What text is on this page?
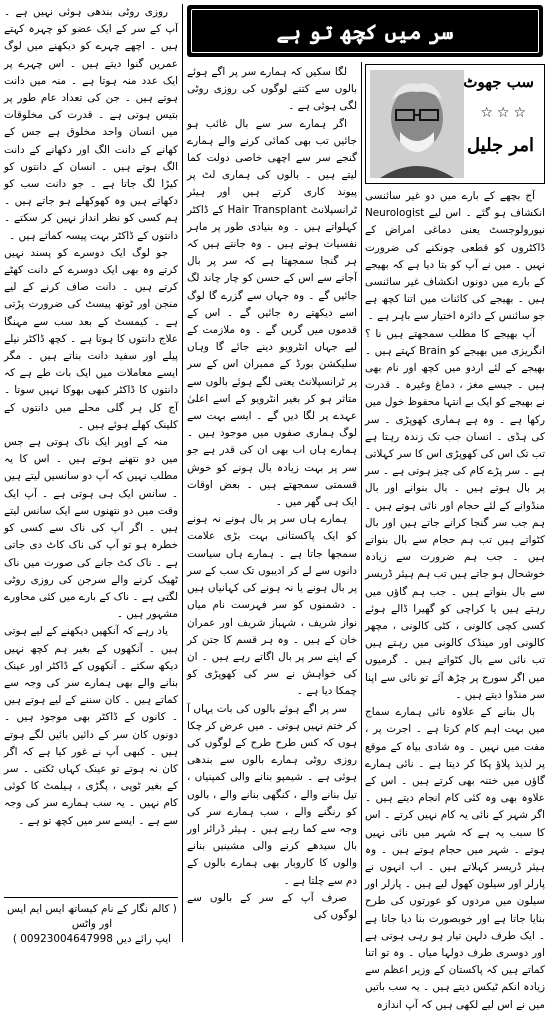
سر میں کچھ تو ہے
سب جھوٹ
☆☆☆
امر جلیل

آج بچھے کے بارے میں دو غیر سائنسی انکشاف ہو گئے ۔ اس لیے Neurologist نیورولوجسٹ یعنی دماغی امراض کے ڈاکٹروں کو قطعی چونکنے کی ضرورت نہیں ۔ میں نے آپ کو بتا دیا ہے کہ بھیجے کے بارے میں دونوں انکشاف غیر سائنسی ہیں ۔ بھیجے کی کائنات میں اتنا کچھ ہے جو سائنس کے دائرہ اختیار سے باہر ہے ۔

آپ بھیجے کا مطلب سمجھتے ہیں نا ؟ انگریزی میں بھیجے کو Brain کہتے ہیں ۔ بھیجے کے لئے اردو میں کچھ اور نام بھی ہیں ۔ جیسے مغز ، دماغ وغیرہ ۔ قدرت نے بھیجے کو ایک بے انتہا محفوظ خول میں رکھا ہے ۔ وہ ہے ہماری کھوپڑی ۔ سر کی ہڈی ۔ انسان جب تک زندہ رہتا ہے تب تک اس کی کھوپڑی اس کا سر کہلاتی ہے ۔ سر پڑے کام کی چیز ہوتی ہے ۔ سر پر بال ہوتے ہیں ۔ بال بنوانے اور بال منڈوانے کے لئے حجام اور نائی ہوتے ہیں ۔ ہم جب سر گنجا کرانے جاتے ہیں اور بال کٹواتے ہیں تب ہم حجام سے بال بنواتے ہیں ۔ جب ہم ضرورت سے زیادہ خوشحال ہو جاتے ہیں تب ہم ہیئر ڈریسر سے بال بنواتے ہیں ۔ جب ہم گاؤں میں رہتے ہیں یا کراچی کو گھیرا ڈالے ہوئے کسی کچی کالونی ، کٹی کالونی ، مچھر کالونی اور مینڈک کالونی میں رہتے ہیں تب نائی سے بال کٹواتے ہیں ۔ گرمیوں میں اگر سورج پر چڑھ آئے تو نائی سے اپنا سر منڈوا دیتے ہیں ۔

بال بنانے کے علاوہ نائی ہمارے سماج میں بہت اہم کام کرتا ہے ۔ اجرت پر ، مفت میں نہیں ۔ وہ شادی بیاہ کے موقع پر لذیذ پلاؤ پکا کر دیتا ہے ۔ نائی ہمارے گاؤں میں ختنہ بھی کرتے ہیں ۔ اس کے علاوہ بھی وہ کئی کام انجام دیتے ہیں ۔ اگر شہر کے نائی یہ کام نہیں کرتے ۔ اس کا سبب یہ ہے کہ شہر میں نائی نہیں ہوتے ۔ شہر میں حجام ہوتے ہیں ۔ وہ ہیئر ڈریسر کہلاتے ہیں ۔ اب انہوں نے پارلر اور سیلون کھول لیے ہیں ۔ پارلر اور سیلون میں مردوں کو عورتوں کی طرح بنایا جاتا ہے اور خوبصورت بنا دیا جاتا ہے ۔ ایک طرف دلہن تیار ہو رہی ہوتی ہے اور دوسری طرف دولہا میاں ۔ وہ تو اتنا کماتے ہیں کہ پاکستان کے وزیر اعظم سے زیادہ انکم ٹیکس دیتے ہیں ۔ یہ سب باتیں میں نے اس لیے لکھی ہیں کہ آپ اندازہ

لگا سکیں کہ ہمارے سر پر اگے ہوئے بالوں سے کتنے لوگوں کی روزی روٹی لگی ہوئی ہے ۔

اگر ہمارے سر سے بال غائب ہو جائیں تب بھی کمائی کرنے والے ہمارے گنجے سر سے اچھی خاصی دولت کما لیتے ہیں ۔ بالوں کی ہماری لٹ پر پیوند کاری کرتے ہیں اور ہیئر ٹرانسپلانٹ Hair Transplant کے ڈاکٹر کہلواتے ہیں ۔ وہ بنیادی طور پر ماہر نفسیات ہوتے ہیں ۔ وہ جانتے ہیں کہ ہر گنجا سمجھتا ہے کہ سر پر بال آجانے سے اس کے حسن کو چار چاند لگ جائیں گے ۔ وہ جہاں سے گزرے گا لوگ اسے دیکھتے رہ جائیں گے ۔ اس کے قدموں میں گریں گے ۔ وہ ملازمت کے لیے جہاں انٹرویو دینے جائے گا وہاں سلیکشن بورڈ کے ممبران اس کے سر پر ٹرانسپلانٹ یعنی لگے ہوئے بالوں سے متاثر ہو کر بغیر انٹرویو کے اسے اعلیٰ عہدے پر لگا دیں گے ۔ ایسے بہت سے لوگ ہماری صفوں میں موجود ہیں ۔ ہمارے ہاں اب بھی ان کی قدر ہے جو سر پر بہت زیادہ بال ہونے کو خوش قسمتی سمجھتے ہیں ۔ بعض اوقات ایک ہی گھر میں ۔

ہمارے ہاں سر پر بال ہونے نہ ہونے کو ایک پاکستانی بہت بڑی علامت سمجھا جاتا ہے ۔ ہمارے ہاں سیاست دانوں سے لے کر ادیبوں تک سب کے سر پر بال ہونے یا نہ ہونے کی کہانیاں ہیں ۔ دشمنوں کو سر فہرست نام میاں نواز شریف ، شہباز شریف اور عمران خان کے ہیں ۔ وہ ہر قسم کا جتن کر کے اپنے سر پر بال اگاتے رہے ہیں ۔ ان کی خواہش نے سر کی کھوپڑی کو چمکا دیا ہے ۔

سر پر اگے ہوئے بالوں کی بات یہاں آ کر ختم نہیں ہوتی ۔ میں عرض کر چکا ہوں کہ کس طرح طرح کے لوگوں کی روزی روٹی ہمارے بالوں سے بندھی ہوئی ہے ۔ شیمپو بنانے والی کمپنیاں ، تیل بنانے والے ، کنگھی بنانے والے ، بالوں کو رنگنے والے ، سب ہمارے سر کی وجہ سے کما رہے ہیں ۔ ہیئر ڈرائر اور بال سیدھے کرنے والی مشینیں بنانے والوں کا کاروبار بھی ہمارے بالوں کے دم سے چلتا ہے ۔

صرف آپ کے سر کے بالوں سے لوگوں کی

روزی روٹی بندھی ہوئی نہیں ہے ۔ آپ کے سر کے ایک عضو کو چہرہ کہتے ہیں ۔ اچھے چہرے کو دیکھنے میں لوگ عمریں گنوا دیتے ہیں ۔ اس چہرے پر ایک عدد منہ ہوتا ہے ۔ منہ میں دانت ہوتے ہیں ۔ جن کی تعداد عام طور پر بتیس ہوتی ہے ۔ قدرت کی مخلوقات میں انسان واحد مخلوق ہے جس کے کھانے کے دانت الگ اور دکھانے کے دانت الگ ہوتے ہیں ۔ انسان کے دانتوں کو کیڑا لگ جاتا ہے ۔ جو دانت سب کو دکھاتے ہیں وہ کھوکھلے ہو جاتے ہیں ۔ ہم کسی کو نظر انداز نہیں کر سکتے ۔ دانتوں کے ڈاکٹر بہت پیسہ کماتے ہیں ۔

جو لوگ ایک دوسرے کو پسند نہیں کرتے وہ بھی ایک دوسرے کے دانت کھٹے کرتے ہیں ۔ دانت صاف کرنے کے لیے منجن اور ٹوتھ پیسٹ کی ضرورت پڑتی ہے ۔ کیمسٹ کے بعد سب سے مہنگا علاج دانتوں کا ہوتا ہے ۔ کچھ ڈاکٹر نیلے پیلے اور سفید دانت بناتے ہیں ۔ مگر ایسے معاملات میں ایک بات طے ہے کہ دانتوں کا ڈاکٹر کبھی بھوکا نہیں سوتا ۔ آج کل ہر گلی محلے میں دانتوں کے کلینک کھلے ہوئے ہیں ۔

منہ کے اوپر ایک ناک ہوتی ہے جس میں دو نتھنے ہوتے ہیں ۔ اس کا یہ مطلب نہیں کہ آپ دو سانسیں لیتے ہیں ۔ سانس ایک ہی ہوتی ہے ۔ آپ ایک وقت میں دو نتھنوں سے ایک سانس لیتے ہیں ۔ اگر آپ کی ناک سے کسی کو خطرہ ہو تو آپ کی ناک کاٹ دی جاتی ہے ۔ ناک کٹ جانے کی صورت میں ناک ٹھیک کرنے والے سرجن کی روزی روٹی لگتی ہے ۔ ناک کے بارے میں کئی محاورے مشہور ہیں ۔

یاد رہے کہ آنکھیں دیکھنے کے لیے ہوتی ہیں ۔ آنکھوں کے بغیر ہم کچھ نہیں دیکھ سکتے ۔ آنکھوں کے ڈاکٹر اور عینک بنانے والے بھی ہمارے سر کی وجہ سے کماتے ہیں ۔ کان سننے کے لیے ہوتے ہیں ۔ کانوں کے ڈاکٹر بھی موجود ہیں ۔ دونوں کان سر کے دائیں بائیں لگے ہوتے ہیں ۔ کبھی آپ نے غور کیا ہے کہ اگر کان نہ ہوتے تو عینک کہاں ٹکتی ۔ سر کے بغیر ٹوپی ، پگڑی ، ہیلمٹ کا کوئی کام نہیں ۔ یہ سب ہمارے سر کی وجہ سے ہے ۔ ایسے سر میں کچھ تو ہے ۔

( کالم نگار کے نام کیساتھ ایس ایم ایس اور واٹس
ایپ رائے دیں 00923004647998 )
